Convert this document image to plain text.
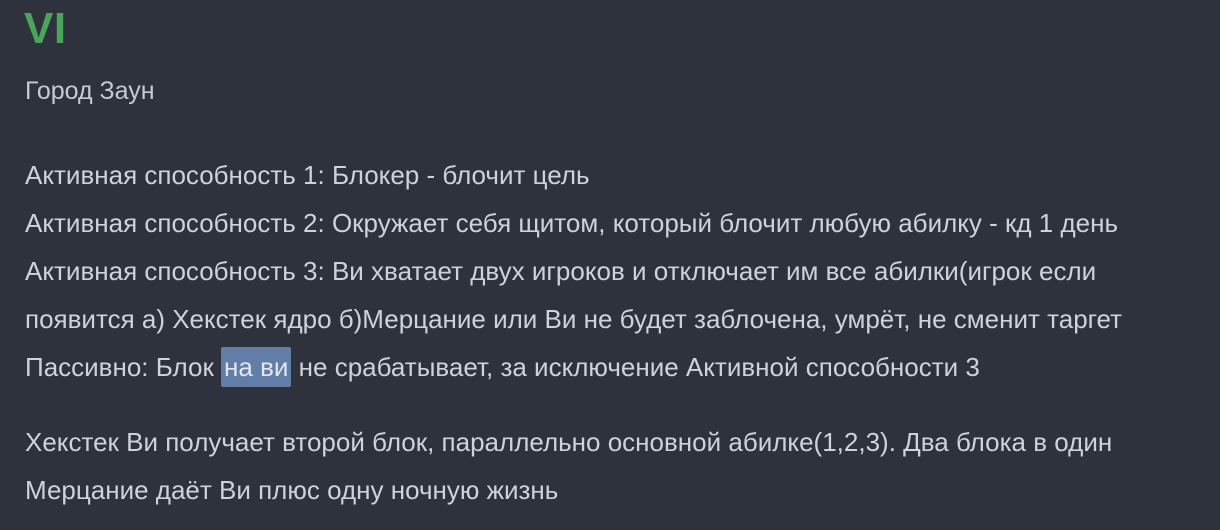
VI
Город Заун
Активная способность 1: Блокер - блочит цель
Активная способность 2: Окружает себя щитом, который блочит любую абилку - кд 1 день
Активная способность 3: Ви хватает двух игроков и отключает им все абилки(игрок если
появится а) Хекстек ядро б)Мерцание или Ви не будет заблочена, умрёт, не сменит таргет
Пассивно: Блок на ви не срабатывает, за исключение Активной способности 3
Хекстек Ви получает второй блок, параллельно основной абилке(1,2,3). Два блока в один
Мерцание даёт Ви плюс одну ночную жизнь
